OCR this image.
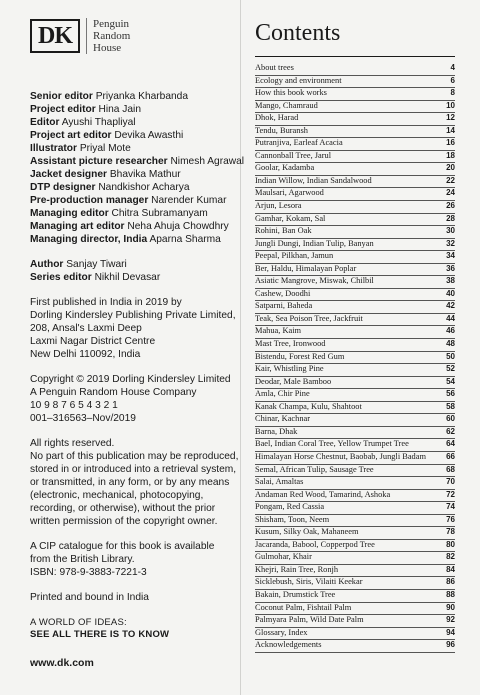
DK	Penguin
Random
House
Senior editor Priyanka Kharbanda
Project editor Hina Jain
Editor Ayushi Thapliyal
Project art editor Devika Awasthi
Illustrator Priyal Mote
Assistant picture researcher Nimesh Agrawal
Jacket designer Bhavika Mathur
DTP designer Nandkishor Acharya
Pre-production manager Narender Kumar
Managing editor Chitra Subramanyam
Managing art editor Neha Ahuja Chowdhry
Managing director, India Aparna Sharma
Author Sanjay Tiwari
Series editor Nikhil Devasar
First published in India in 2019 by
Dorling Kindersley Publishing Private Limited,
208, Ansal's Laxmi Deep
Laxmi Nagar District Centre
New Delhi 110092, India
Copyright © 2019 Dorling Kindersley Limited
A Penguin Random House Company
10 9 8 7 6 5 4 3 2 1
001–316563–Nov/2019
All rights reserved.
No part of this publication may be reproduced,
stored in or introduced into a retrieval system,
or transmitted, in any form, or by any means
(electronic, mechanical, photocopying,
recording, or otherwise), without the prior
written permission of the copyright owner.
A CIP catalogue for this book is available
from the British Library.
ISBN: 978-9-3883-7221-3
Printed and bound in India
A WORLD OF IDEAS:
SEE ALL THERE IS TO KNOW
www.dk.com
Contents
About trees	4
Ecology and environment	6
How this book works	8
Mango, Chamraud	10
Dhok, Harad	12
Tendu, Buransh	14
Putranjiva, Earleaf Acacia	16
Cannonball Tree, Jarul	18
Goolar, Kadamba	20
Indian Willow, Indian Sandalwood	22
Maulsari, Agarwood	24
Arjun, Lesora	26
Gamhar, Kokam, Sal	28
Rohini, Ban Oak	30
Jungli Dungi, Indian Tulip, Banyan	32
Peepal, Pilkhan, Jamun	34
Ber, Haldu, Himalayan Poplar	36
Asiatic Mangrove, Miswak, Chilbil	38
Cashew, Doodhi	40
Satparni, Baheda	42
Teak, Sea Poison Tree, Jackfruit	44
Mahua, Kaim	46
Mast Tree, Ironwood	48
Bistendu, Forest Red Gum	50
Kair, Whistling Pine	52
Deodar, Male Bamboo	54
Amla, Chir Pine	56
Kanak Champa, Kulu, Shahtoot	58
Chinar, Kachnar	60
Barna, Dhak	62
Bael, Indian Coral Tree, Yellow Trumpet Tree	64
Himalayan Horse Chestnut, Baobab, Jungli Badam	66
Semal, African Tulip, Sausage Tree	68
Salai, Amaltas	70
Andaman Red Wood, Tamarind, Ashoka	72
Pongam, Red Cassia	74
Shisham, Toon, Neem	76
Kusum, Silky Oak, Mahaneem	78
Jacaranda, Babool, Copperpod Tree	80
Gulmohar, Khair	82
Khejri, Rain Tree, Ronjh	84
Sicklebush, Siris, Vilaiti Keekar	86
Bakain, Drumstick Tree	88
Coconut Palm, Fishtail Palm	90
Palmyara Palm, Wild Date Palm	92
Glossary, Index	94
Acknowledgements	96
